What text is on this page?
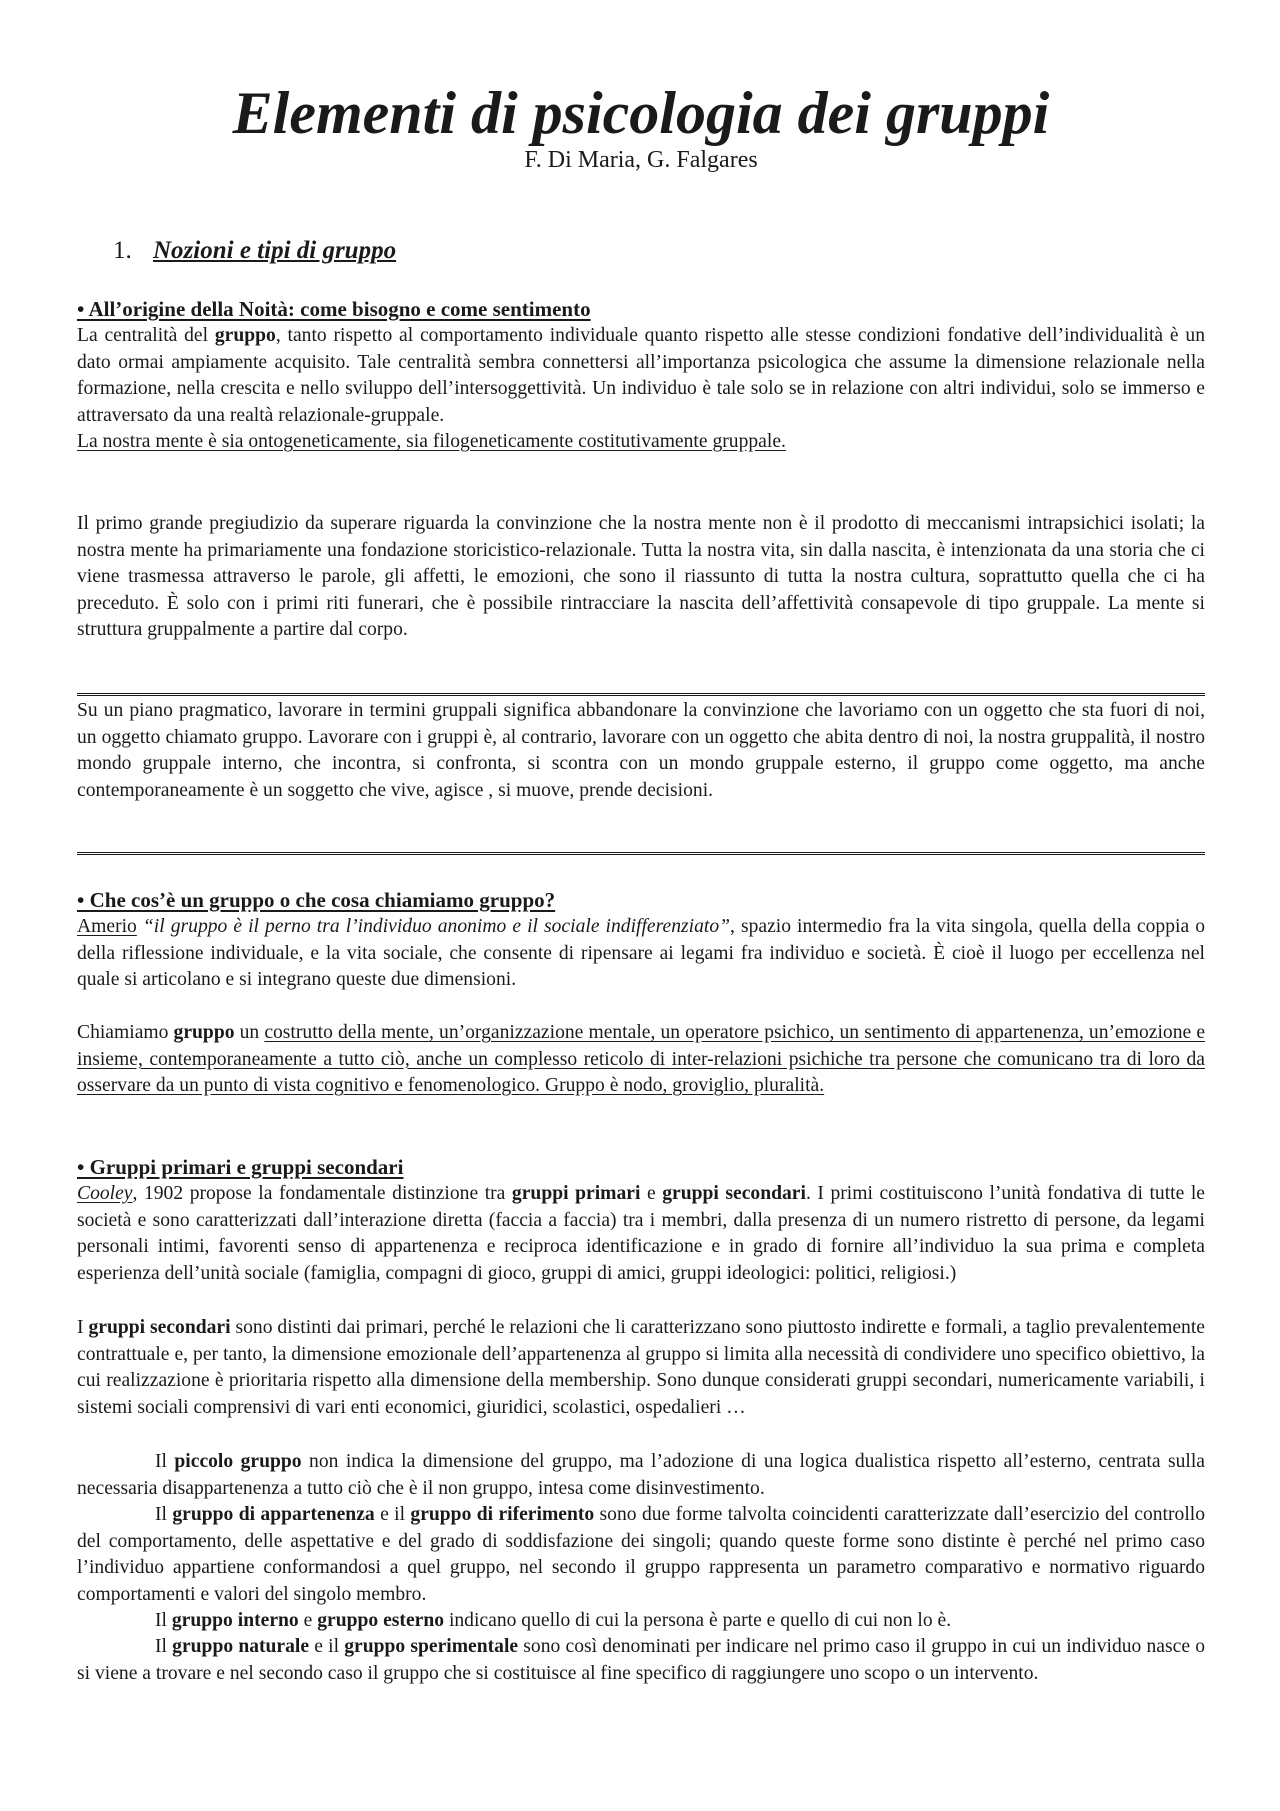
Elementi di psicologia dei gruppi
F. Di Maria, G. Falgares
1. Nozioni e tipi di gruppo
• All’origine della Noità: come bisogno e come sentimento

La centralità del gruppo, tanto rispetto al comportamento individuale quanto rispetto alle stesse condizioni fondative dell’individualità è un dato ormai ampiamente acquisito. Tale centralità sembra connettersi all’importanza psicologica che assume la dimensione relazionale nella formazione, nella crescita e nello sviluppo dell’intersoggettività. Un individuo è tale solo se in relazione con altri individui, solo se immerso e attraversato da una realtà relazionale-gruppale.
La nostra mente è sia ontogeneticamente, sia filogeneticamente costitutivamente gruppale.

Il primo grande pregiudizio da superare riguarda la convinzione che la nostra mente non è il prodotto di meccanismi intrapsichici isolati; la nostra mente ha primariamente una fondazione storicistico-relazionale. Tutta la nostra vita, sin dalla nascita, è intenzionata da una storia che ci viene trasmessa attraverso le parole, gli affetti, le emozioni, che sono il riassunto di tutta la nostra cultura, soprattutto quella che ci ha preceduto. È solo con i primi riti funerari, che è possibile rintracciare la nascita dell’affettività consapevole di tipo gruppale. La mente si struttura gruppalmente a partire dal corpo.

Su un piano pragmatico, lavorare in termini gruppali significa abbandonare la convinzione che lavoriamo con un oggetto che sta fuori di noi, un oggetto chiamato gruppo. Lavorare con i gruppi è, al contrario, lavorare con un oggetto che abita dentro di noi, la nostra gruppalità, il nostro mondo gruppale interno, che incontra, si confronta, si scontra con un mondo gruppale esterno, il gruppo come oggetto, ma anche contemporaneamente è un soggetto che vive, agisce , si muove, prende decisioni.

• Che cos’è un gruppo o che cosa chiamiamo gruppo?

Amerio “il gruppo è il perno tra l’individuo anonimo e il sociale indifferenziato”, spazio intermedio fra la vita singola, quella della coppia o della riflessione individuale, e la vita sociale, che consente di ripensare ai legami fra individuo e società. È cioè il luogo per eccellenza nel quale si articolano e si integrano queste due dimensioni.

Chiamiamo gruppo un costrutto della mente, un’organizzazione mentale, un operatore psichico, un sentimento di appartenenza, un’emozione e insieme, contemporaneamente a tutto ciò, anche un complesso reticolo di inter-relazioni psichiche tra persone che comunicano tra di loro da osservare da un punto di vista cognitivo e fenomenologico. Gruppo è nodo, groviglio, pluralità.

• Gruppi primari e gruppi secondari

Cooley, 1902 propose la fondamentale distinzione tra gruppi primari e gruppi secondari. I primi costituiscono l’unità fondativa di tutte le società e sono caratterizzati dall’interazione diretta (faccia a faccia) tra i membri, dalla presenza di un numero ristretto di persone, da legami personali intimi, favorenti senso di appartenenza e reciproca identificazione e in grado di fornire all’individuo la sua prima e completa esperienza dell’unità sociale (famiglia, compagni di gioco, gruppi di amici, gruppi ideologici: politici, religiosi.)

I gruppi secondari sono distinti dai primari, perché le relazioni che li caratterizzano sono piuttosto indirette e formali, a taglio prevalentemente contrattuale e, per tanto, la dimensione emozionale dell’appartenenza al gruppo si limita alla necessità di condividere uno specifico obiettivo, la cui realizzazione è prioritaria rispetto alla dimensione della membership. Sono dunque considerati gruppi secondari, numericamente variabili, i sistemi sociali comprensivi di vari enti economici, giuridici, scolastici, ospedalieri …

Il piccolo gruppo non indica la dimensione del gruppo, ma l’adozione di una logica dualistica rispetto all’esterno, centrata sulla necessaria disappartenenza a tutto ciò che è il non gruppo, intesa come disinvestimento.

Il gruppo di appartenenza e il gruppo di riferimento sono due forme talvolta coincidenti caratterizzate dall’esercizio del controllo del comportamento, delle aspettative e del grado di soddisfazione dei singoli; quando queste forme sono distinte è perché nel primo caso l’individuo appartiene conformandosi a quel gruppo, nel secondo il gruppo rappresenta un parametro comparativo e normativo riguardo comportamenti e valori del singolo membro.

Il gruppo interno e gruppo esterno indicano quello di cui la persona è parte e quello di cui non lo è.

Il gruppo naturale e il gruppo sperimentale sono così denominati per indicare nel primo caso il gruppo in cui un individuo nasce o si viene a trovare e nel secondo caso il gruppo che si costituisce al fine specifico di raggiungere uno scopo o un intervento.
